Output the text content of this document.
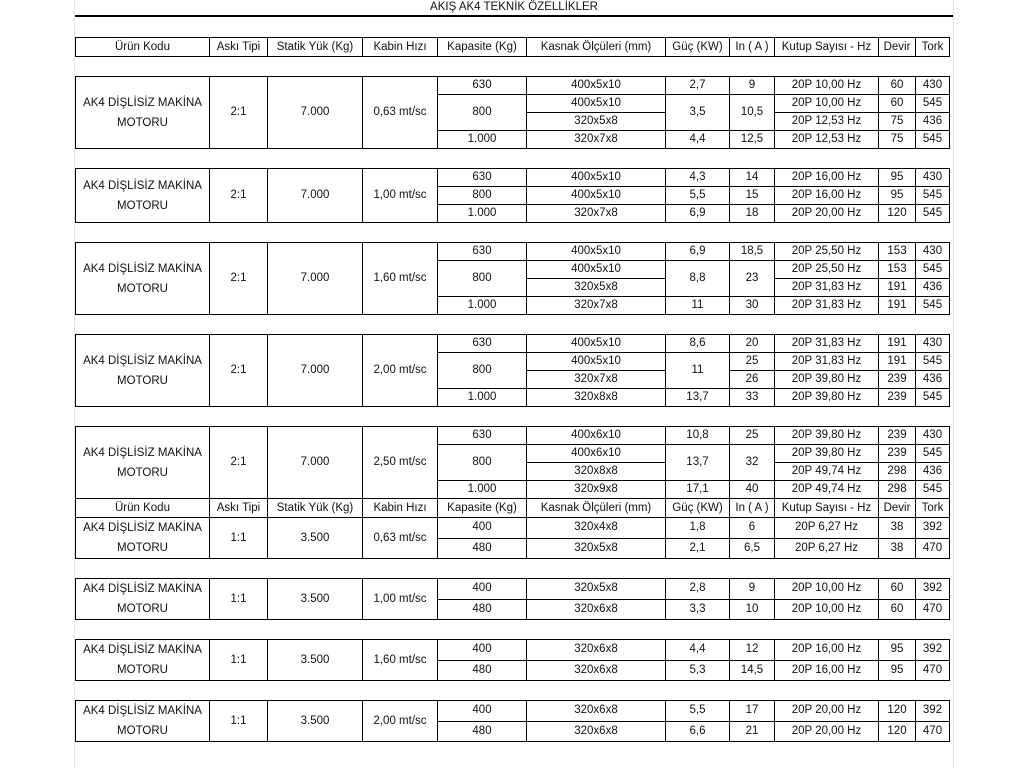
AKIŞ AK4 TEKNİK ÖZELLİKLER
Ürün Kodu	Askı Tipi	Statik Yük (Kg)	Kabin Hızı	Kapasite (Kg)	Kasnak Ölçüleri (mm)	Güç (KW)	In ( A )	Kutup Sayısı - Hz	Devir	Tork

AK4 DİŞLİSİZ MAKİNA MOTORU	2:1	7.000	0,63 mt/sc	630	400x5x10	2,7	9	20P 10,00 Hz	60	430
				800	400x5x10	3,5	10,5	20P 10,00 Hz	60	545
					320x5x8			20P 12,53 Hz	75	436
				1.000	320x7x8	4,4	12,5	20P 12,53 Hz	75	545

AK4 DİŞLİSİZ MAKİNA MOTORU	2:1	7.000	1,00 mt/sc	630	400x5x10	4,3	14	20P 16,00 Hz	95	430
				800	400x5x10	5,5	15	20P 16,00 Hz	95	545
				1.000	320x7x8	6,9	18	20P 20,00 Hz	120	545

AK4 DİŞLİSİZ MAKİNA MOTORU	2:1	7.000	1,60 mt/sc	630	400x5x10	6,9	18,5	20P 25,50 Hz	153	430
				800	400x5x10	8,8	23	20P 25,50 Hz	153	545
					320x5x8			20P 31,83 Hz	191	436
				1.000	320x7x8	11	30	20P 31,83 Hz	191	545

AK4 DİŞLİSİZ MAKİNA MOTORU	2:1	7.000	2,00 mt/sc	630	400x5x10	8,6	20	20P 31,83 Hz	191	430
				800	400x5x10	11	25	20P 31,83 Hz	191	545
					320x7x8		26	20P 39,80 Hz	239	436
				1.000	320x8x8	13,7	33	20P 39,80 Hz	239	545

AK4 DİŞLİSİZ MAKİNA MOTORU	2:1	7.000	2,50 mt/sc	630	400x6x10	10,8	25	20P 39,80 Hz	239	430
				800	400x6x10	13,7	32	20P 39,80 Hz	239	545
					320x8x8			20P 49,74 Hz	298	436
				1.000	320x9x8	17,1	40	20P 49,74 Hz	298	545
Ürün Kodu	Askı Tipi	Statik Yük (Kg)	Kabin Hızı	Kapasite (Kg)	Kasnak Ölçüleri (mm)	Güç (KW)	In ( A )	Kutup Sayısı - Hz	Devir	Tork
AK4 DİŞLİSİZ MAKİNA MOTORU	1:1	3.500	0,63 mt/sc	400	320x4x8	1,8	6	20P 6,27 Hz	38	392
				480	320x5x8	2,1	6,5	20P 6,27 Hz	38	470

AK4 DİŞLİSİZ MAKİNA MOTORU	1:1	3.500	1,00 mt/sc	400	320x5x8	2,8	9	20P 10,00 Hz	60	392
				480	320x6x8	3,3	10	20P 10,00 Hz	60	470

AK4 DİŞLİSİZ MAKİNA MOTORU	1:1	3.500	1,60 mt/sc	400	320x6x8	4,4	12	20P 16,00 Hz	95	392
				480	320x6x8	5,3	14,5	20P 16,00 Hz	95	470

AK4 DİŞLİSİZ MAKİNA MOTORU	1:1	3.500	2,00 mt/sc	400	320x6x8	5,5	17	20P 20,00 Hz	120	392
				480	320x6x8	6,6	21	20P 20,00 Hz	120	470
